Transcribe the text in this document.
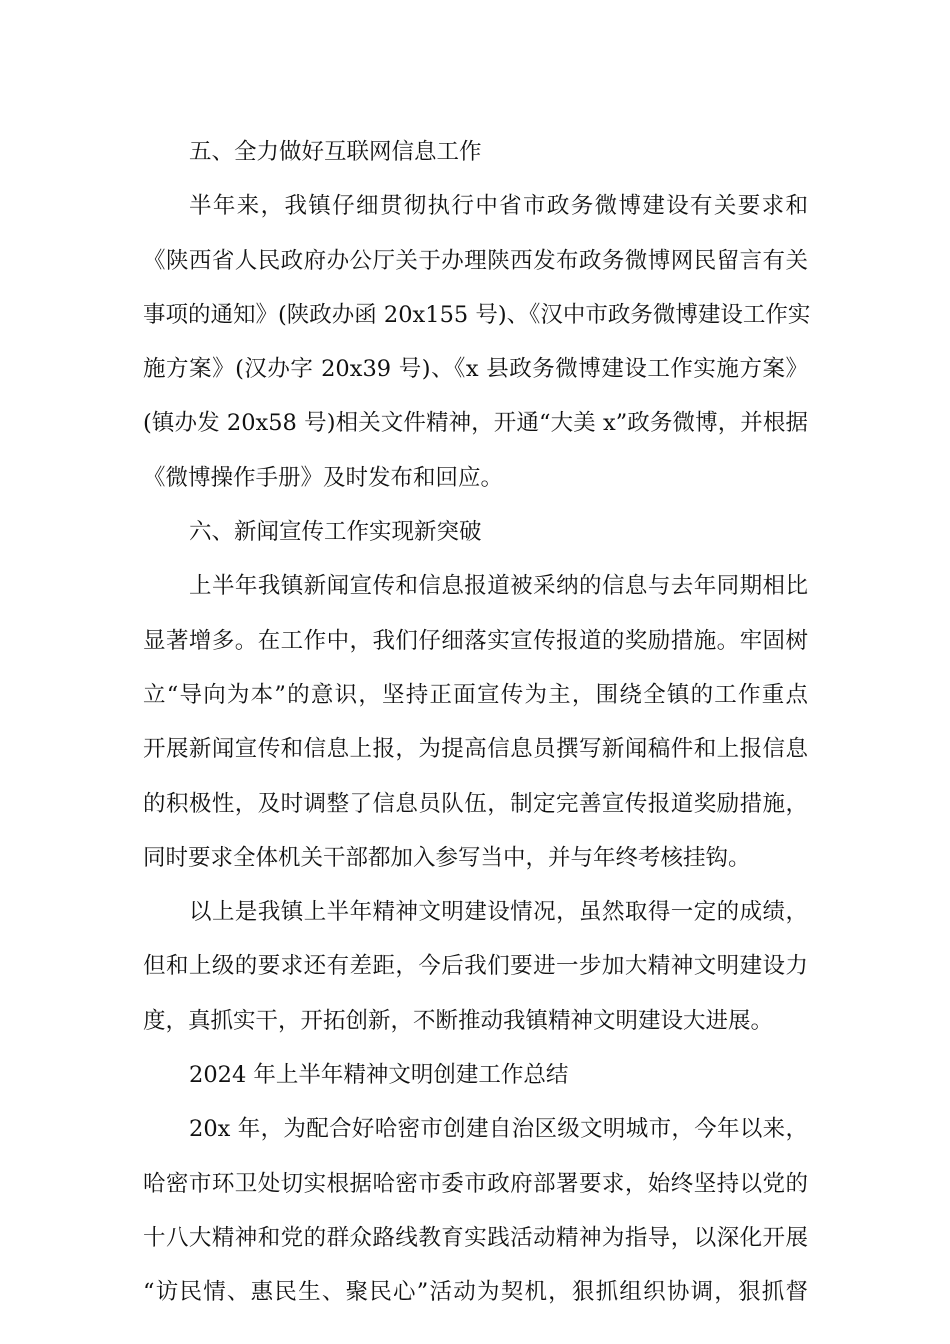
五、全力做好互联网信息工作
半年来，我镇仔细贯彻执行中省市政务微博建设有关要求和
《陕西省人民政府办公厅关于办理陕西发布政务微博网民留言有关
事项的通知》(陕政办函 20x155 号)、《汉中市政务微博建设工作实
施方案》(汉办字 20x39 号)、《x 县政务微博建设工作实施方案》
(镇办发 20x58 号)相关文件精神，开通“大美 x”政务微博，并根据
《微博操作手册》及时发布和回应。
六、新闻宣传工作实现新突破
上半年我镇新闻宣传和信息报道被采纳的信息与去年同期相比
显著增多。在工作中，我们仔细落实宣传报道的奖励措施。牢固树
立“导向为本”的意识，坚持正面宣传为主，围绕全镇的工作重点
开展新闻宣传和信息上报，为提高信息员撰写新闻稿件和上报信息
的积极性，及时调整了信息员队伍，制定完善宣传报道奖励措施，
同时要求全体机关干部都加入参写当中，并与年终考核挂钩。
以上是我镇上半年精神文明建设情况，虽然取得一定的成绩，
但和上级的要求还有差距，今后我们要进一步加大精神文明建设力
度，真抓实干，开拓创新，不断推动我镇精神文明建设大进展。
2024 年上半年精神文明创建工作总结
20x 年，为配合好哈密市创建自治区级文明城市，今年以来，
哈密市环卫处切实根据哈密市委市政府部署要求，始终坚持以党的
十八大精神和党的群众路线教育实践活动精神为指导，以深化开展
“访民情、惠民生、聚民心”活动为契机，狠抓组织协调，狠抓督
